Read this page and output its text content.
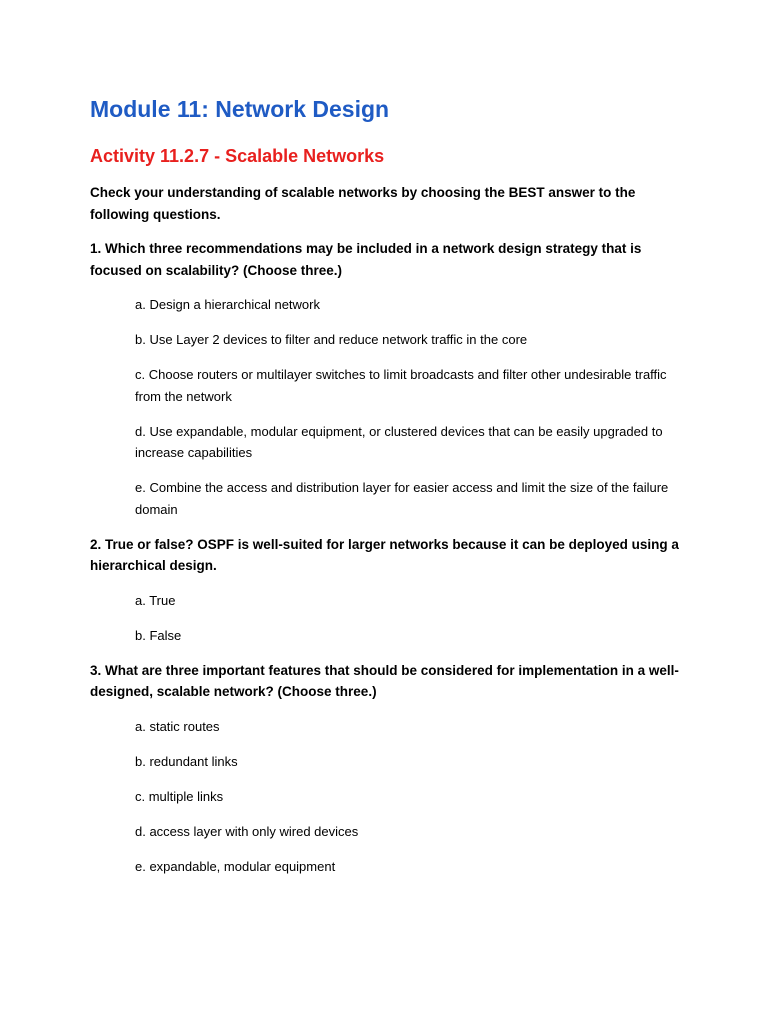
Module 11: Network Design
Activity 11.2.7 - Scalable Networks

Check your understanding of scalable networks by choosing the BEST answer to the following questions.

1. Which three recommendations may be included in a network design strategy that is focused on scalability? (Choose three.)

a. Design a hierarchical network
b. Use Layer 2 devices to filter and reduce network traffic in the core
c. Choose routers or multilayer switches to limit broadcasts and filter other undesirable traffic from the network
d. Use expandable, modular equipment, or clustered devices that can be easily upgraded to increase capabilities
e. Combine the access and distribution layer for easier access and limit the size of the failure domain

2. True or false? OSPF is well-suited for larger networks because it can be deployed using a hierarchical design.

a. True
b. False

3. What are three important features that should be considered for implementation in a well-designed, scalable network? (Choose three.)

a. static routes
b. redundant links
c. multiple links
d. access layer with only wired devices
e. expandable, modular equipment
